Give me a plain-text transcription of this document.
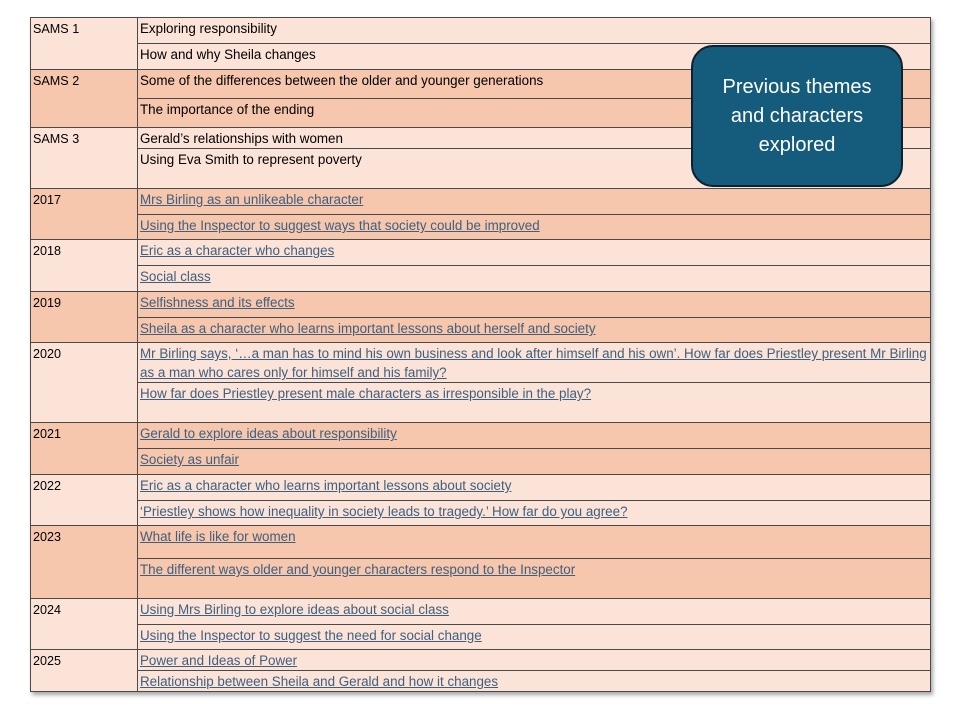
SAMS 1	Exploring responsibility
	How and why Sheila changes
SAMS 2	Some of the differences between the older and younger generations
	The importance of the ending
SAMS 3	Gerald’s relationships with women
	Using Eva Smith to represent poverty
2017	Mrs Birling as an unlikeable character
	Using the Inspector to suggest ways that society could be improved
2018	Eric as a character who changes
	Social class
2019	Selfishness and its effects
	Sheila as a character who learns important lessons about herself and society
2020	Mr Birling says, ‘…a man has to mind his own business and look after himself and his own’. How far does Priestley present Mr Birling as a man who cares only for himself and his family?
	How far does Priestley present male characters as irresponsible in the play?
2021	Gerald to explore ideas about responsibility
	Society as unfair
2022	Eric as a character who learns important lessons about society
	‘Priestley shows how inequality in society leads to tragedy.’ How far do you agree?
2023	What life is like for women
	The different ways older and younger characters respond to the Inspector
2024	Using Mrs Birling to explore ideas about social class
	Using the Inspector to suggest the need for social change
2025	Power and Ideas of Power
	Relationship between Sheila and Gerald and how it changes
Previous themes and characters explored
